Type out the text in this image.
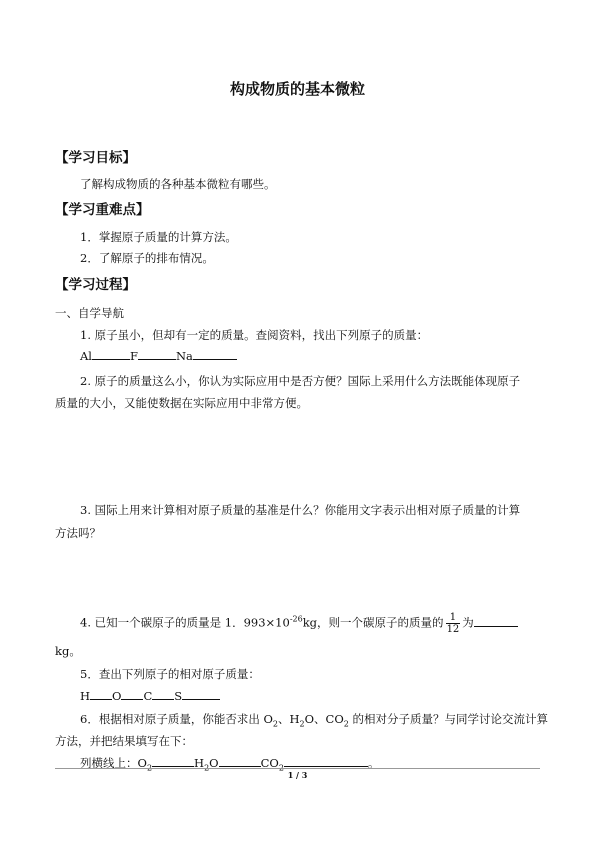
构成物质的基本微粒
【学习目标】
了解构成物质的各种基本微粒有哪些。
【学习重难点】
1．掌握原子质量的计算方法。
2．了解原子的排布情况。
【学习过程】
一、自学导航
1. 原子虽小，但却有一定的质量。查阅资料，找出下列原子的质量：
Al	F	Na
2. 原子的质量这么小，你认为实际应用中是否方便？国际上采用什么方法既能体现原子
质量的大小，又能使数据在实际应用中非常方便。
3. 国际上用来计算相对原子质量的基准是什么？你能用文字表示出相对原子质量的计算
方法吗？
4. 已知一个碳原子的质量是 1．$993\times 10^{-26}kg$，则一个碳原子的质量的 $\frac{1}{12}$ 为
kg。
5．查出下列原子的相对原子质量：
H O C S
6．根据相对原子质量，你能否求出 $O_2$、$H_2O$、$CO_2$ 的相对分子质量？与同学讨论交流计算
方法，并把结果填写在下：
列横线上：$O_2$	$H_2O$	$CO_2$	。
1 / 3
